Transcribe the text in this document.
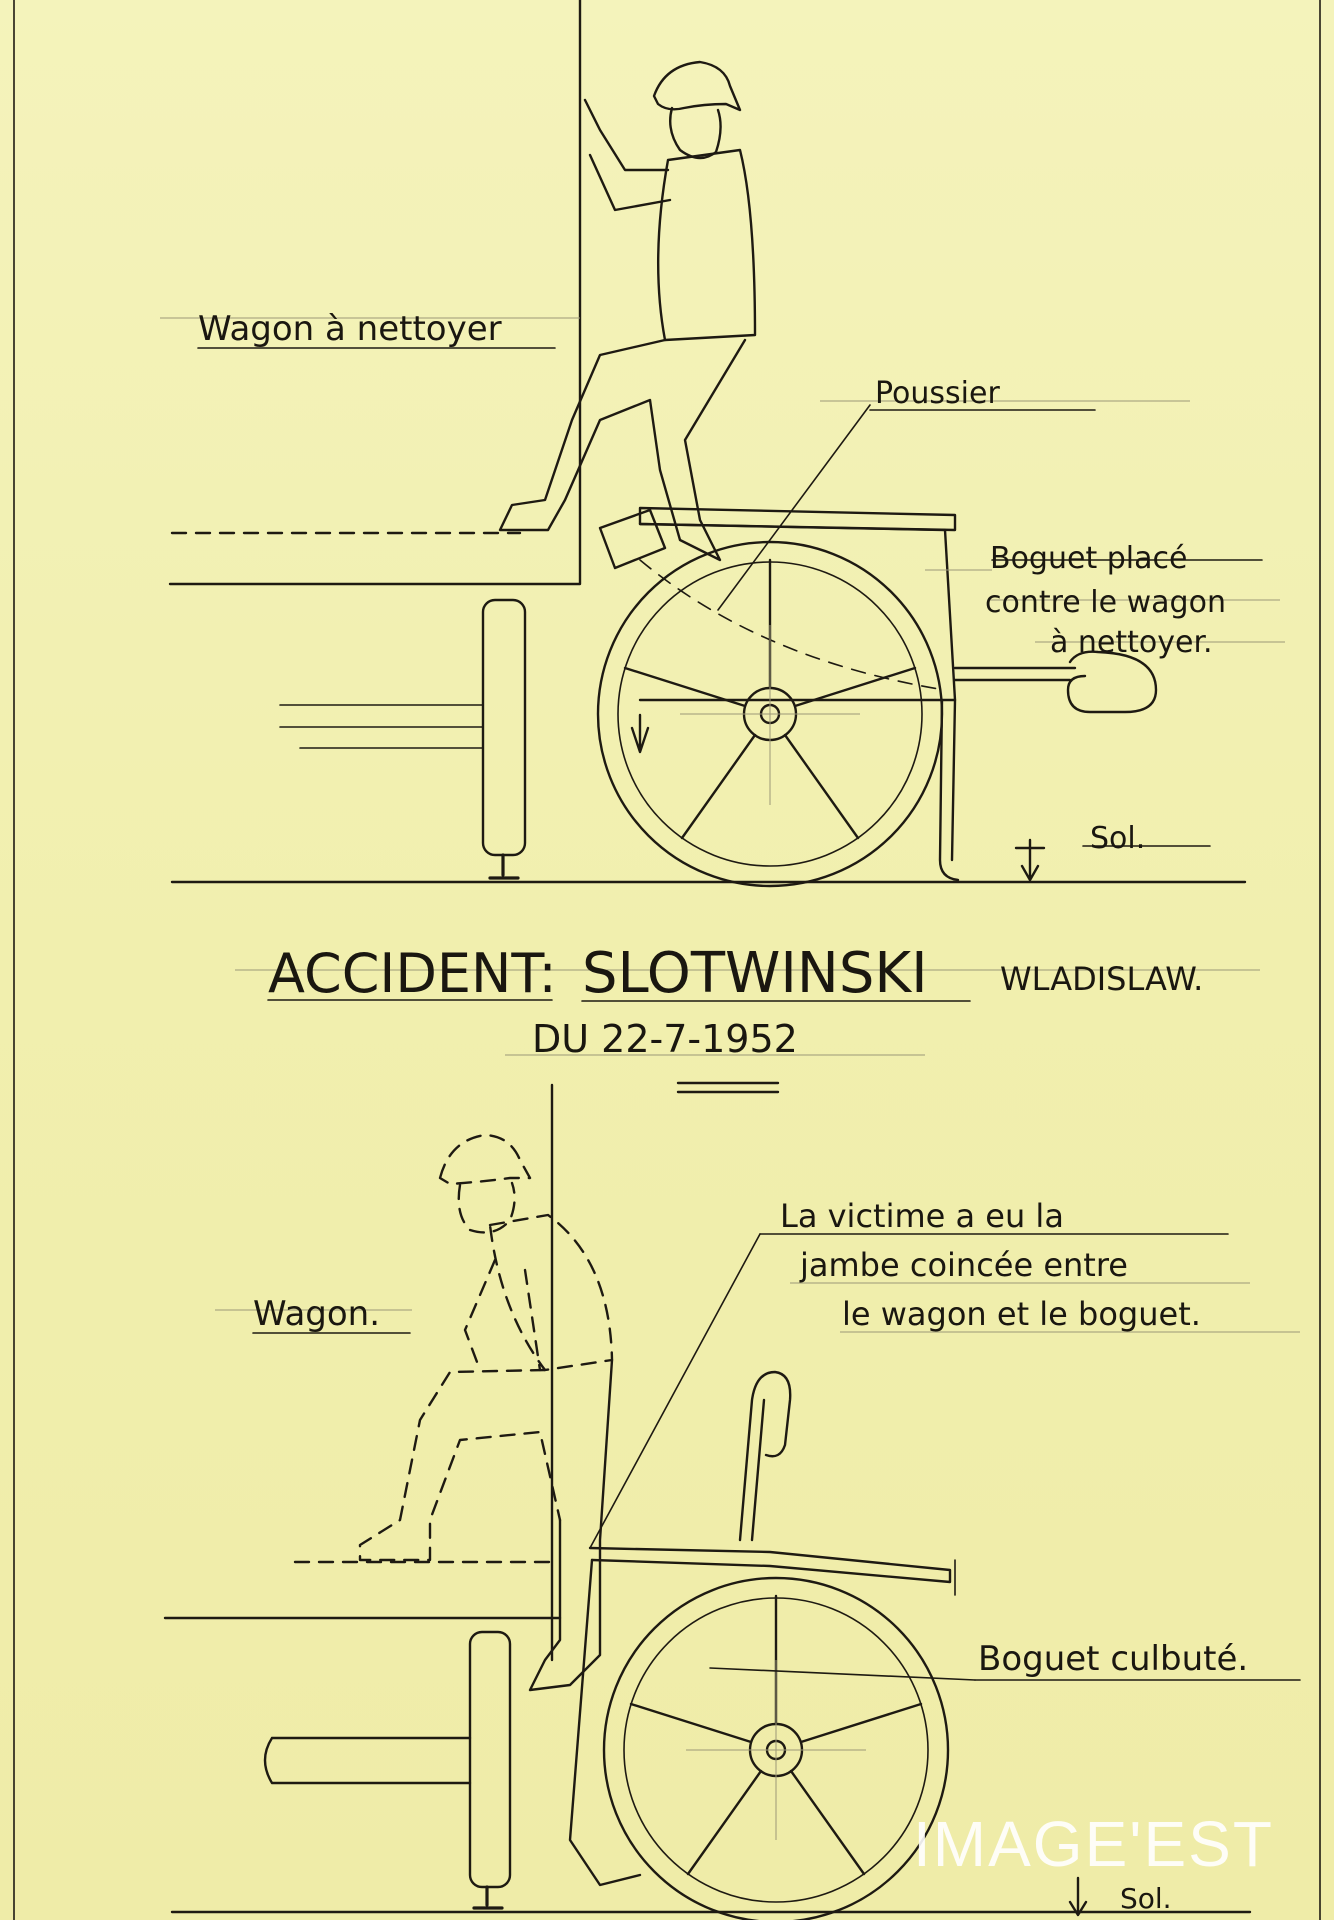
Wagon à nettoyer
Poussier
Boguet placé
contre le wagon
à nettoyer.
Sol.
ACCIDENT: SLOTWINSKI WLADISLAW.
DU 22-7-1952
Wagon.
La victime a eu la
jambe coincée entre
le wagon et le boguet.
Boguet culbuté.
Sol.
IMAGE'EST
